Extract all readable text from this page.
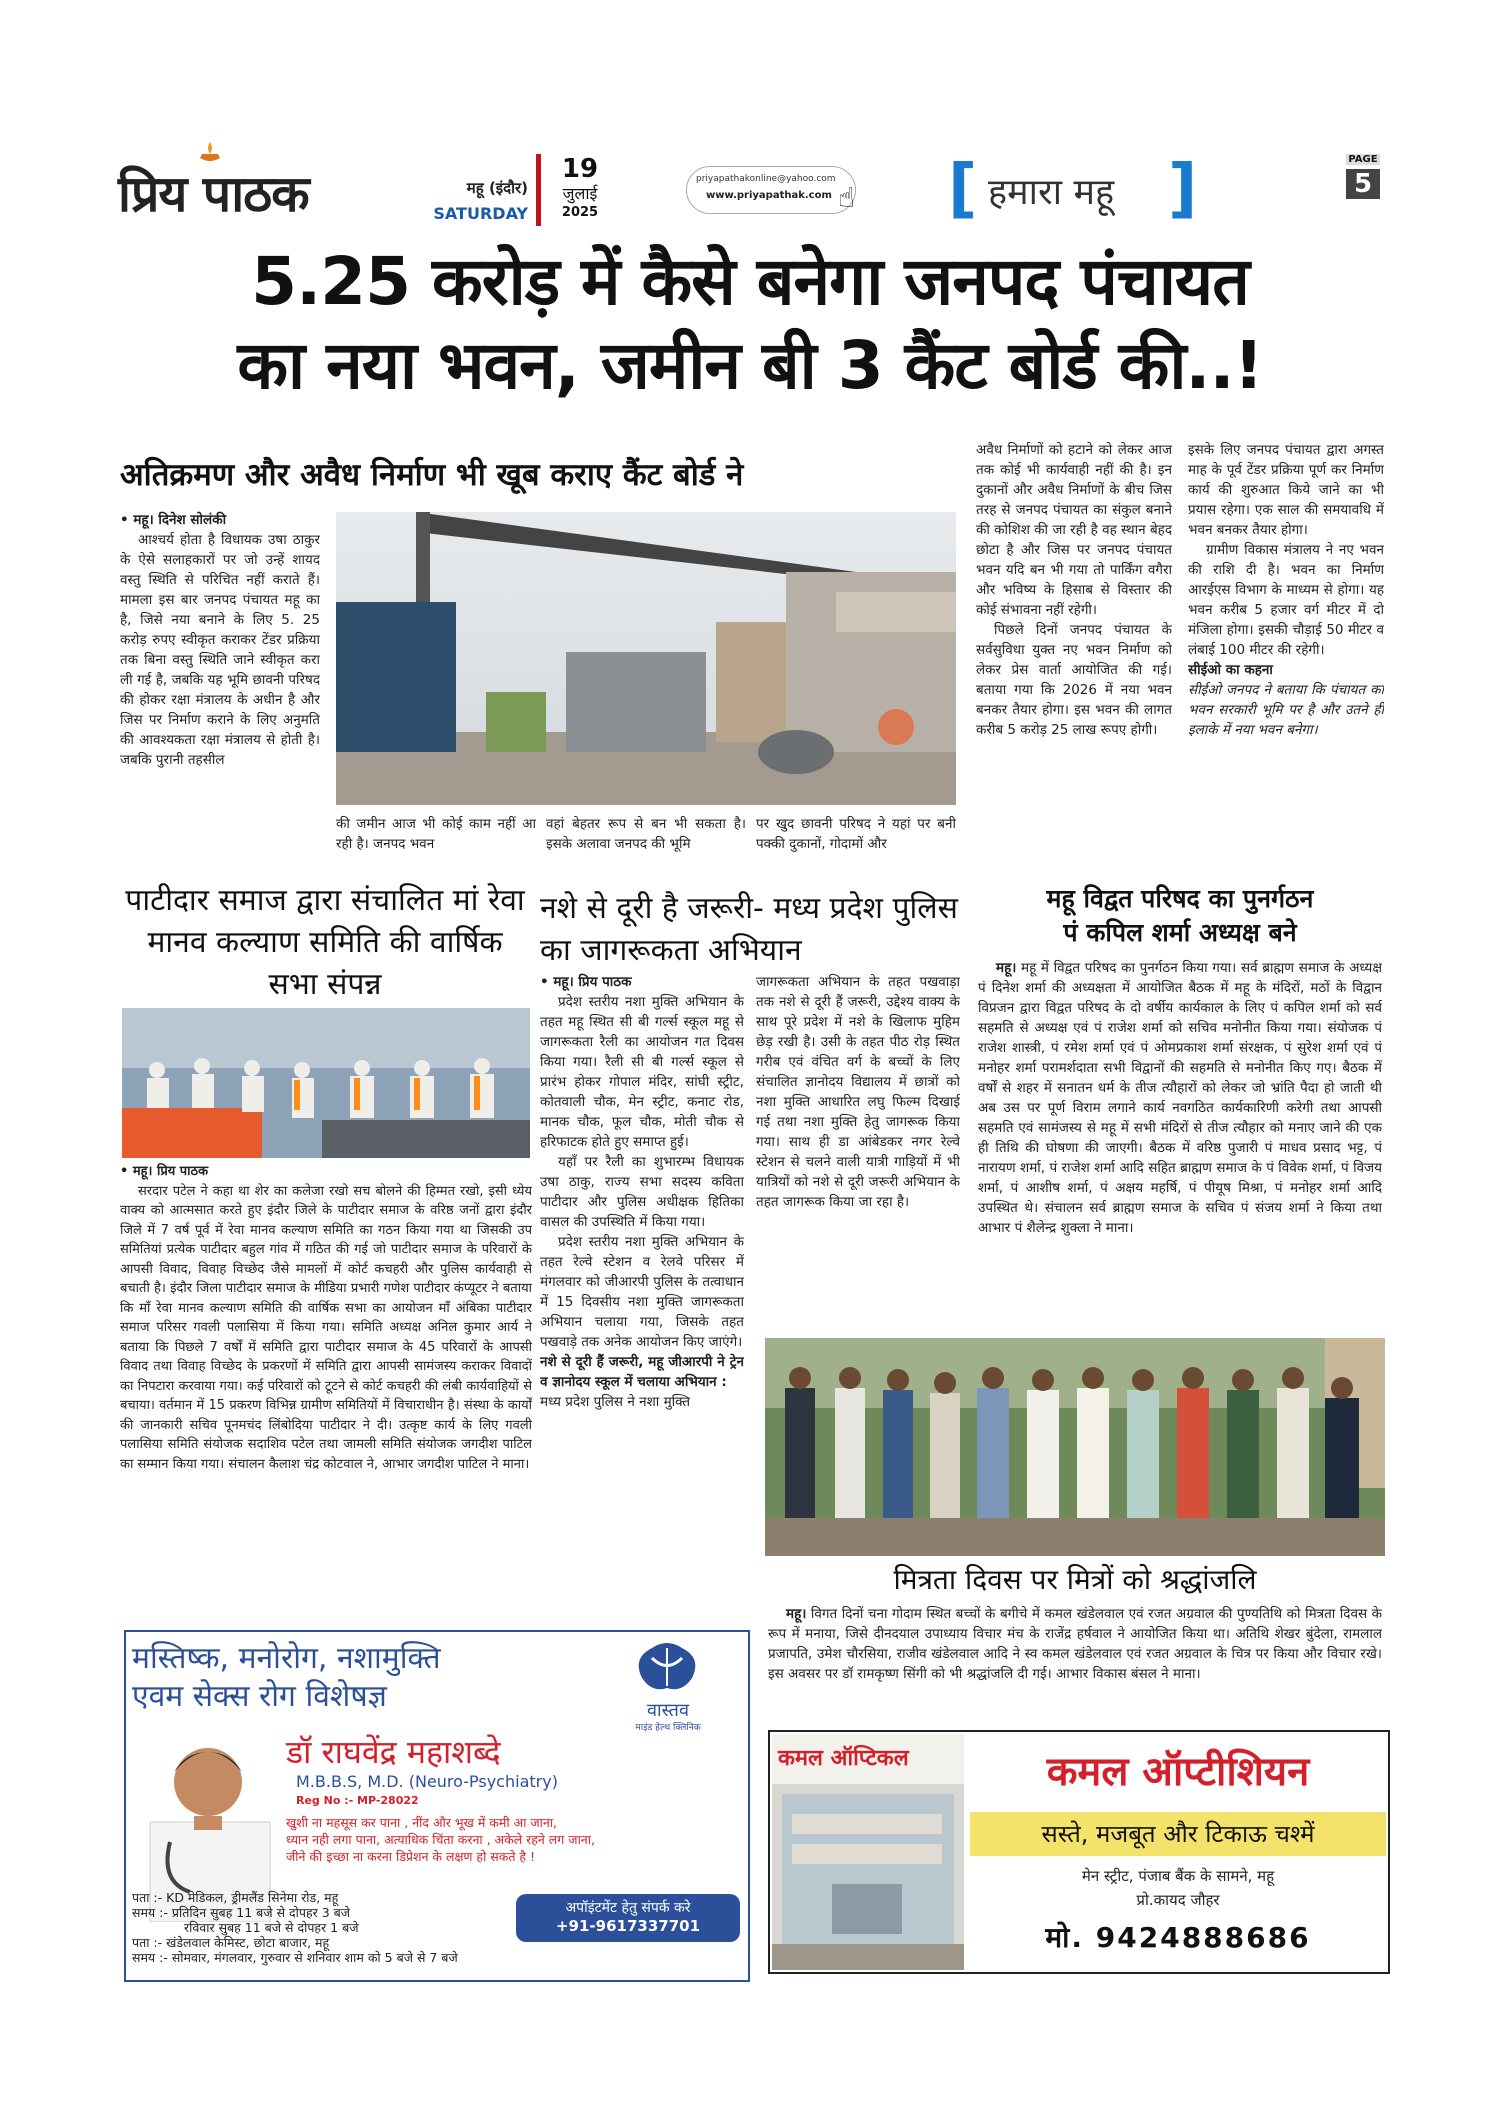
प्रिय पाठक	महू (इंदौर)
SATURDAY
19
जुलाई
2025
priyapathakonline@yahoo.com
www.priyapathak.com ☝ [ हमारा महू ]	PAGE
5
5.25 करोड़ में कैसे बनेगा जनपद पंचायत
का नया भवन, जमीन बी 3 कैंट बोर्ड की..!
अतिक्रमण और अवैध निर्माण भी खूब कराए कैंट बोर्ड ने

• महू। दिनेश सोलंकी

आश्चर्य होता है विधायक उषा ठाकुर के ऐसे सलाहकारों पर जो उन्हें शायद वस्तु स्थिति से परिचित नहीं कराते हैं। मामला इस बार जनपद पंचायत महू का है, जिसे नया बनाने के लिए 5. 25 करोड़ रुपए स्वीकृत कराकर टेंडर प्रक्रिया तक बिना वस्तु स्थिति जाने स्वीकृत करा ली गई है, जबकि यह भूमि छावनी परिषद की होकर रक्षा मंत्रालय के अधीन है और जिस पर निर्माण कराने के लिए अनुमति की आवश्यकता रक्षा मंत्रालय से होती है। जबकि पुरानी तहसील

की जमीन आज भी कोई काम नहीं आ रही है। जनपद भवन

वहां बेहतर रूप से बन भी सकता है। इसके अलावा जनपद की भूमि

पर खुद छावनी परिषद ने यहां पर बनी पक्की दुकानों, गोदामों और

अवैध निर्माणों को हटाने को लेकर आज तक कोई भी कार्यवाही नहीं की है। इन दुकानों और अवैध निर्माणों के बीच जिस तरह से जनपद पंचायत का संकुल बनाने की कोशिश की जा रही है वह स्थान बेहद छोटा है और जिस पर जनपद पंचायत भवन यदि बन भी गया तो पार्किंग वगैरा और भविष्य के हिसाब से विस्तार की कोई संभावना नहीं रहेगी।

पिछले दिनों जनपद पंचायत के सर्वसुविधा युक्त नए भवन निर्माण को लेकर प्रेस वार्ता आयोजित की गई। बताया गया कि 2026 में नया भवन बनकर तैयार होगा। इस भवन की लागत करीब 5 करोड़ 25 लाख रूपए होगी।

इसके लिए जनपद पंचायत द्वारा अगस्त माह के पूर्व टेंडर प्रक्रिया पूर्ण कर निर्माण कार्य की शुरुआत किये जाने का भी प्रयास रहेगा। एक साल की समयावधि में भवन बनकर तैयार होगा।

ग्रामीण विकास मंत्रालय ने नए भवन की राशि दी है। भवन का निर्माण आरईएस विभाग के माध्यम से होगा। यह भवन करीब 5 हजार वर्ग मीटर में दो मंजिला होगा। इसकी चौड़ाई 50 मीटर व लंबाई 100 मीटर की रहेगी।

सीईओ का कहना

सीईओ जनपद ने बताया कि पंचायत का भवन सरकारी भूमि पर है और उतने ही इलाके में नया भवन बनेगा।

पाटीदार समाज द्वारा संचालित मां रेवा मानव कल्याण समिति की वार्षिक सभा संपन्न

• महू। प्रिय पाठक

सरदार पटेल ने कहा था शेर का कलेजा रखो सच बोलने की हिम्मत रखो, इसी ध्येय वाक्य को आत्मसात करते हुए इंदौर जिले के पाटीदार समाज के वरिष्ठ जनों द्वारा इंदौर जिले में 7 वर्ष पूर्व में रेवा मानव कल्याण समिति का गठन किया गया था जिसकी उप समितियां प्रत्येक पाटीदार बहुल गांव में गठित की गई जो पाटीदार समाज के परिवारों के आपसी विवाद, विवाह विच्छेद जैसे मामलों में कोर्ट कचहरी और पुलिस कार्यवाही से बचाती है। इंदौर जिला पाटीदार समाज के मीडिया प्रभारी गणेश पाटीदार कंप्यूटर ने बताया कि माँ रेवा मानव कल्याण समिति की वार्षिक सभा का आयोजन माँ अंबिका पाटीदार समाज परिसर गवली पलासिया में किया गया। समिति अध्यक्ष अनिल कुमार आर्य ने बताया कि पिछले 7 वर्षों में समिति द्वारा पाटीदार समाज के 45 परिवारों के आपसी विवाद तथा विवाह विच्छेद के प्रकरणों में समिति द्वारा आपसी सामंजस्य कराकर विवादों का निपटारा करवाया गया। कई परिवारों को टूटने से कोर्ट कचहरी की लंबी कार्यवाहियों से बचाया। वर्तमान में 15 प्रकरण विभिन्न ग्रामीण समितियों में विचाराधीन है। संस्था के कार्यों की जानकारी सचिव पूनमचंद लिंबोदिया पाटीदार ने दी। उत्कृष्ट कार्य के लिए गवली पलासिया समिति संयोजक सदाशिव पटेल तथा जामली समिति संयोजक जगदीश पाटिल का सम्मान किया गया। संचालन कैलाश चंद्र कोटवाल ने, आभार जगदीश पाटिल ने माना।

नशे से दूरी है जरूरी- मध्य प्रदेश पुलिस का जागरूकता अभियान

• महू। प्रिय पाठक

प्रदेश स्तरीय नशा मुक्ति अभियान के तहत महू स्थित सी बी गर्ल्स स्कूल महू से जागरूकता रैली का आयोजन गत दिवस किया गया। रैली सी बी गर्ल्स स्कूल से प्रारंभ होकर गोपाल मंदिर, सांघी स्ट्रीट, कोतवाली चौक, मेन स्ट्रीट, कनाट रोड, मानक चौक, फूल चौक, मोती चौक से हरिफाटक होते हुए समाप्त हुई।

यहाँ पर रैली का शुभारम्भ विधायक उषा ठाकु, राज्य सभा सदस्य कविता पाटीदार और पुलिस अधीक्षक हितिका वासल की उपस्थिति में किया गया।

प्रदेश स्तरीय नशा मुक्ति अभियान के तहत रेल्वे स्टेशन व रेलवे परिसर में मंगलवार को जीआरपी पुलिस के तत्वाधान में 15 दिवसीय नशा मुक्ति जागरूकता अभियान चलाया गया, जिसके तहत पखवाड़े तक अनेक आयोजन किए जाएंगे।

नशे से दूरी हैं जरूरी, महू जीआरपी ने ट्रेन व ज्ञानोदय स्कूल में चलाया अभियान :

मध्य प्रदेश पुलिस ने नशा मुक्ति

जागरूकता अभियान के तहत पखवाड़ा तक नशे से दूरी हैं जरूरी, उद्देश्य वाक्य के साथ पूरे प्रदेश में नशे के खिलाफ मुहिम छेड़ रखी है। उसी के तहत पीठ रोड़ स्थित गरीब एवं वंचित वर्ग के बच्चों के लिए संचालित ज्ञानोदय विद्यालय में छात्रों को नशा मुक्ति आधारित लघु फिल्म दिखाई गई तथा नशा मुक्ति हेतु जागरूक किया गया। साथ ही डा आंबेडकर नगर रेल्वे स्टेशन से चलने वाली यात्री गाड़ियों में भी यात्रियों को नशे से दूरी जरूरी अभियान के तहत जागरूक किया जा रहा है।

महू विद्वत परिषद का पुनर्गठन
पं कपिल शर्मा अध्यक्ष बने

महू। महू में विद्वत परिषद का पुनर्गठन किया गया। सर्व ब्राह्मण समाज के अध्यक्ष पं दिनेश शर्मा की अध्यक्षता में आयोजित बैठक में महू के मंदिरों, मठों के विद्वान विप्रजन द्वारा विद्वत परिषद के दो वर्षीय कार्यकाल के लिए पं कपिल शर्मा को सर्व सहमति से अध्यक्ष एवं पं राजेश शर्मा को सचिव मनोनीत किया गया। संयोजक पं राजेश शास्त्री, पं रमेश शर्मा एवं पं ओमप्रकाश शर्मा संरक्षक, पं सुरेश शर्मा एवं पं मनोहर शर्मा परामर्शदाता सभी विद्वानों की सहमति से मनोनीत किए गए। बैठक में वर्षों से शहर में सनातन धर्म के तीज त्यौहारों को लेकर जो भ्रांति पैदा हो जाती थी अब उस पर पूर्ण विराम लगाने कार्य नवगठित कार्यकारिणी करेगी तथा आपसी सहमति एवं सामंजस्य से महू में सभी मंदिरों से तीज त्यौहार को मनाए जाने की एक ही तिथि की घोषणा की जाएगी। बैठक में वरिष्ठ पुजारी पं माधव प्रसाद भट्ट, पं नारायण शर्मा, पं राजेश शर्मा आदि सहित ब्राह्मण समाज के पं विवेक शर्मा, पं विजय शर्मा, पं आशीष शर्मा, पं अक्षय महर्षि, पं पीयूष मिश्रा, पं मनोहर शर्मा आदि उपस्थित थे। संचालन सर्व ब्राह्मण समाज के सचिव पं संजय शर्मा ने किया तथा आभार पं शैलेन्द्र शुक्ला ने माना।

मित्रता दिवस पर मित्रों को श्रद्धांजलि

महू। विगत दिनों चना गोदाम स्थित बच्चों के बगीचे में कमल खंडेलवाल एवं रजत अग्रवाल की पुण्यतिथि को मित्रता दिवस के रूप में मनाया, जिसे दीनदयाल उपाध्याय विचार मंच के राजेंद्र हर्षवाल ने आयोजित किया था। अतिथि शेखर बुंदेला, रामलाल प्रजापति, उमेश चौरसिया, राजीव खंडेलवाल आदि ने स्व कमल खंडेलवाल एवं रजत अग्रवाल के चित्र पर किया और विचार रखे। इस अवसर पर डॉ रामकृष्ण सिंगी को भी श्रद्धांजलि दी गई। आभार विकास बंसल ने माना।

मस्तिष्क, मनोरोग, नशामुक्ति
एवम सेक्स रोग विशेषज्ञ	वास्तव
माइंड हेल्थ क्लिनिक
डॉ राघवेंद्र महाशब्दे
M.B.B.S, M.D. (Neuro-Psychiatry)
Reg No :- MP-28022
खुशी ना महसूस कर पाना , नींद और भूख में कमी आ जाना,
ध्यान नही लगा पाना, अत्याधिक चिंता करना , अकेले रहने लग जाना,
जीने की इच्छा ना करना डिप्रेशन के लक्षण हो सकते है !
पता :- KD मेडिकल, ड्रीमलैंड सिनेमा रोड, महू
समय :- प्रतिदिन सुबह 11 बजे से दोपहर 3 बजे
रविवार सुबह 11 बजे से दोपहर 1 बजे
पता :- खंडेलवाल केमिस्ट, छोटा बाजार, महू
समय :- सोमवार, मंगलवार, गुरुवार से शनिवार शाम को 5 बजे से 7 बजे
अपॉइंटमेंट हेतु संपर्क करे
+91-9617337701
कमल ऑप्टिकल	कमल ऑप्टीशियन
सस्ते, मजबूत और टिकाऊ चश्में
मेन स्ट्रीट, पंजाब बैंक के सामने, महू
प्रो.कायद जौहर
मो. 9424888686
